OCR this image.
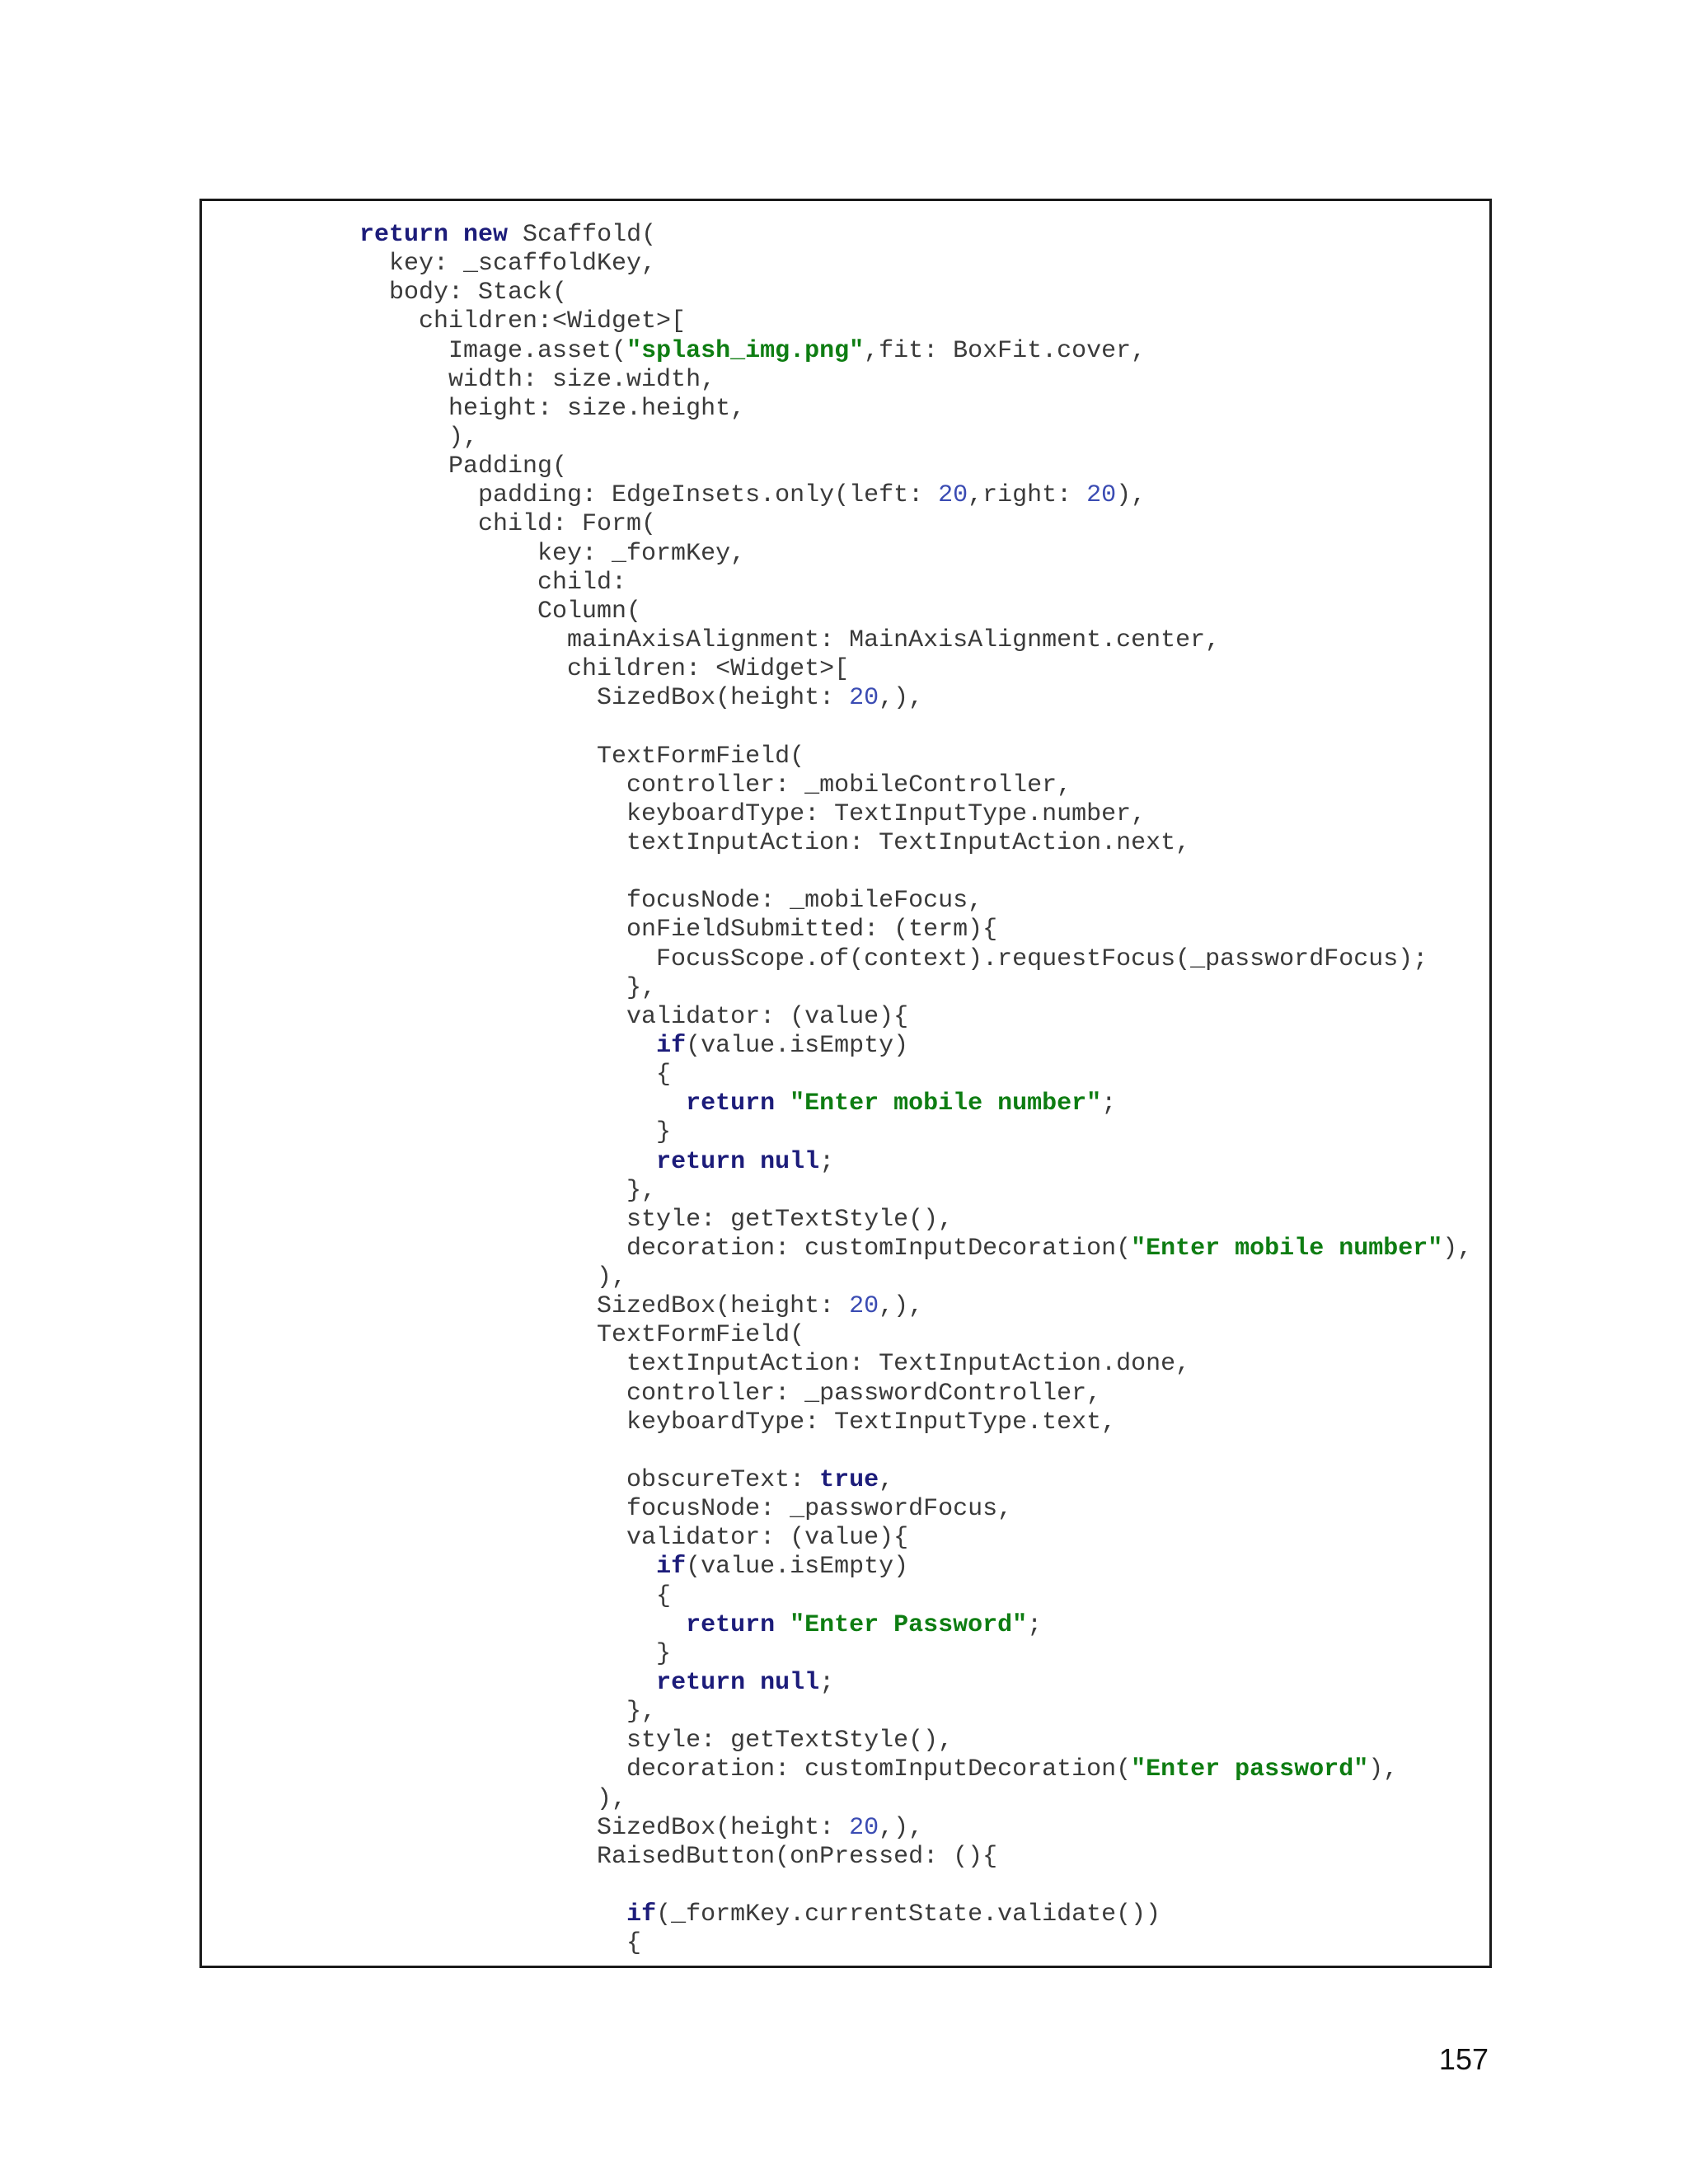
return new Scaffold(
key: _scaffoldKey,
body: Stack(
children:<Widget>[
Image.asset("splash_img.png",fit: BoxFit.cover,
width: size.width,
height: size.height,
),
Padding(
padding: EdgeInsets.only(left: 20,right: 20),
child: Form(
key: _formKey,
child:
Column(
mainAxisAlignment: MainAxisAlignment.center,
children: <Widget>[
SizedBox(height: 20,),

TextFormField(
controller: _mobileController,
keyboardType: TextInputType.number,
textInputAction: TextInputAction.next,

focusNode: _mobileFocus,
onFieldSubmitted: (term){
FocusScope.of(context).requestFocus(_passwordFocus);
},
validator: (value){
if(value.isEmpty)
{
return "Enter mobile number";
}
return null;
},
style: getTextStyle(),
decoration: customInputDecoration("Enter mobile number"),
),
SizedBox(height: 20,),
TextFormField(
textInputAction: TextInputAction.done,
controller: _passwordController,
keyboardType: TextInputType.text,

obscureText: true,
focusNode: _passwordFocus,
validator: (value){
if(value.isEmpty)
{
return "Enter Password";
}
return null;
},
style: getTextStyle(),
decoration: customInputDecoration("Enter password"),
),
SizedBox(height: 20,),
RaisedButton(onPressed: (){

if(_formKey.currentState.validate())
{
157
